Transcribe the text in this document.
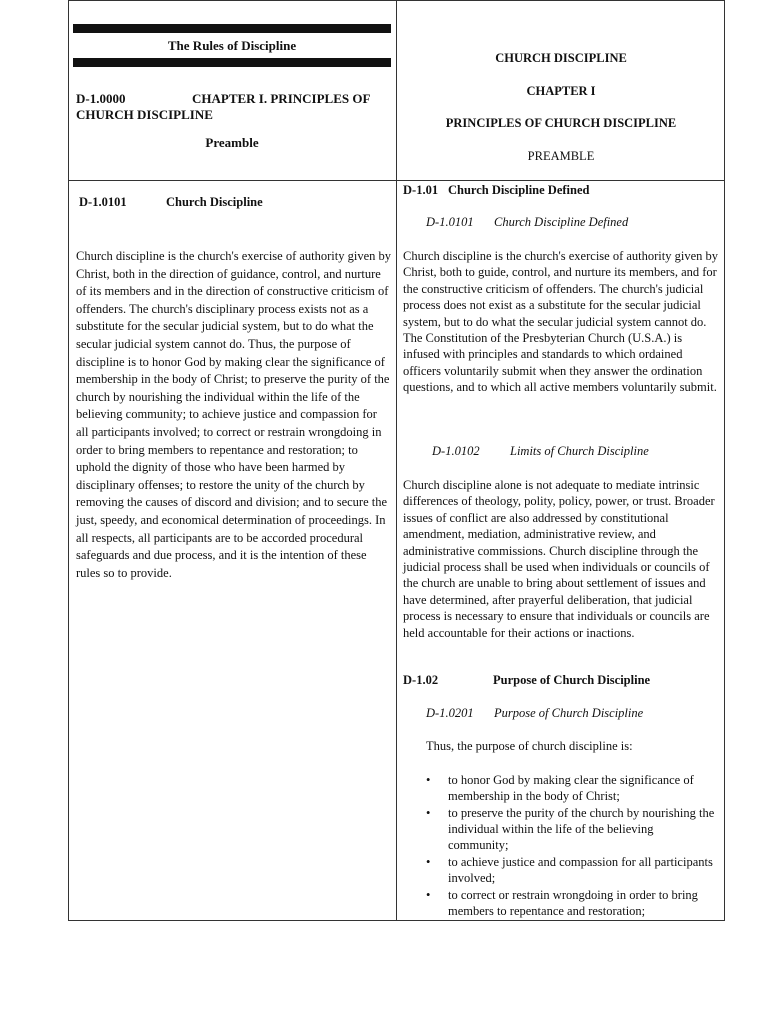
The Rules of Discipline
D-1.0000	CHAPTER I. PRINCIPLES OF
CHURCH DISCIPLINE
Preamble
CHURCH DISCIPLINE
CHAPTER I
PRINCIPLES OF CHURCH DISCIPLINE
PREAMBLE
D-1.0101	Church Discipline
Church discipline is the church's exercise of authority given by Christ, both in the direction of guidance, control, and nurture of its members and in the direction of constructive criticism of offenders. The church's disciplinary process exists not as a substitute for the secular judicial system, but to do what the secular judicial system cannot do. Thus, the purpose of discipline is to honor God by making clear the significance of membership in the body of Christ; to preserve the purity of the church by nourishing the individual within the life of the believing community; to achieve justice and compassion for all participants involved; to correct or restrain wrongdoing in order to bring members to repentance and restoration; to uphold the dignity of those who have been harmed by disciplinary offenses; to restore the unity of the church by removing the causes of discord and division; and to secure the just, speedy, and economical determination of proceedings. In all respects, all participants are to be accorded procedural safeguards and due process, and it is the intention of these rules so to provide.
D-1.01 Church Discipline Defined
D-1.0101 Church Discipline Defined
Church discipline is the church's exercise of authority given by Christ, both to guide, control, and nurture its members, and for the constructive criticism of offenders. The church's judicial process does not exist as a substitute for the secular judicial system, but to do what the secular judicial system cannot do. The Constitution of the Presbyterian Church (U.S.A.) is infused with principles and standards to which ordained officers voluntarily submit when they answer the ordination questions, and to which all active members voluntarily submit.
D-1.0102 Limits of Church Discipline
Church discipline alone is not adequate to mediate intrinsic differences of theology, polity, policy, power, or trust. Broader issues of conflict are also addressed by constitutional amendment, mediation, administrative review, and administrative commissions. Church discipline through the judicial process shall be used when individuals or councils of the church are unable to bring about settlement of issues and have determined, after prayerful deliberation, that judicial process is necessary to ensure that individuals or councils are held accountable for their actions or inactions.
D-1.02	Purpose of Church Discipline
D-1.0201 Purpose of Church Discipline
Thus, the purpose of church discipline is:
• to honor God by making clear the significance of membership in the body of Christ;
• to preserve the purity of the church by nourishing the individual within the life of the believing community;
• to achieve justice and compassion for all participants involved;
• to correct or restrain wrongdoing in order to bring members to repentance and restoration;
